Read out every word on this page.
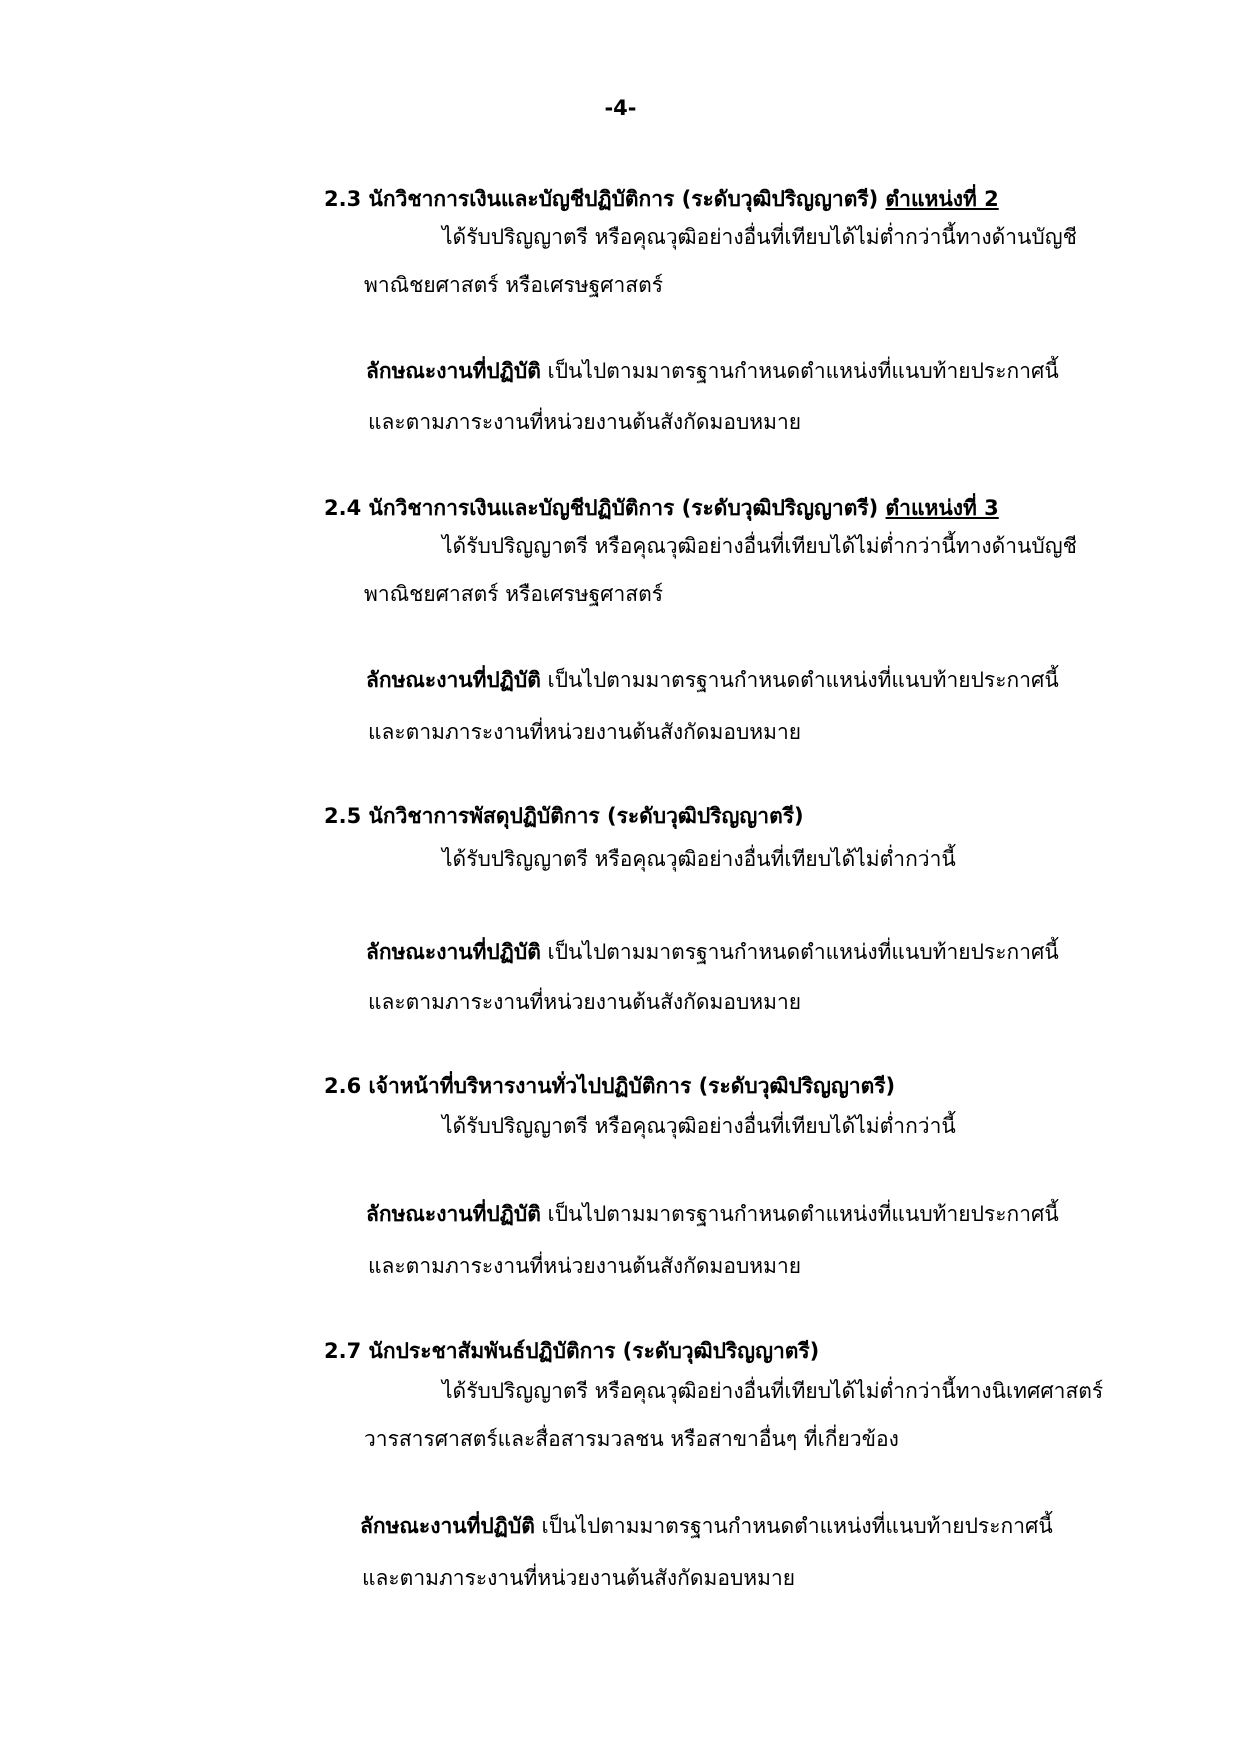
-4-
2.3 นักวิชาการเงินและบัญชีปฏิบัติการ (ระดับวุฒิปริญญาตรี) ตำแหน่งที่ 2
ได้รับปริญญาตรี หรือคุณวุฒิอย่างอื่นที่เทียบได้ไม่ต่ำกว่านี้ทางด้านบัญชี
พาณิชยศาสตร์ หรือเศรษฐศาสตร์
ลักษณะงานที่ปฏิบัติ เป็นไปตามมาตรฐานกำหนดตำแหน่งที่แนบท้ายประกาศนี้
และตามภาระงานที่หน่วยงานต้นสังกัดมอบหมาย
2.4 นักวิชาการเงินและบัญชีปฏิบัติการ (ระดับวุฒิปริญญาตรี) ตำแหน่งที่ 3
ได้รับปริญญาตรี หรือคุณวุฒิอย่างอื่นที่เทียบได้ไม่ต่ำกว่านี้ทางด้านบัญชี
พาณิชยศาสตร์ หรือเศรษฐศาสตร์
ลักษณะงานที่ปฏิบัติ เป็นไปตามมาตรฐานกำหนดตำแหน่งที่แนบท้ายประกาศนี้
และตามภาระงานที่หน่วยงานต้นสังกัดมอบหมาย
2.5 นักวิชาการพัสดุปฏิบัติการ (ระดับวุฒิปริญญาตรี)
ได้รับปริญญาตรี หรือคุณวุฒิอย่างอื่นที่เทียบได้ไม่ต่ำกว่านี้
ลักษณะงานที่ปฏิบัติ เป็นไปตามมาตรฐานกำหนดตำแหน่งที่แนบท้ายประกาศนี้
และตามภาระงานที่หน่วยงานต้นสังกัดมอบหมาย
2.6 เจ้าหน้าที่บริหารงานทั่วไปปฏิบัติการ (ระดับวุฒิปริญญาตรี)
ได้รับปริญญาตรี หรือคุณวุฒิอย่างอื่นที่เทียบได้ไม่ต่ำกว่านี้
ลักษณะงานที่ปฏิบัติ เป็นไปตามมาตรฐานกำหนดตำแหน่งที่แนบท้ายประกาศนี้
และตามภาระงานที่หน่วยงานต้นสังกัดมอบหมาย
2.7 นักประชาสัมพันธ์ปฏิบัติการ (ระดับวุฒิปริญญาตรี)
ได้รับปริญญาตรี หรือคุณวุฒิอย่างอื่นที่เทียบได้ไม่ต่ำกว่านี้ทางนิเทศศาสตร์
วารสารศาสตร์และสื่อสารมวลชน หรือสาขาอื่นๆ ที่เกี่ยวข้อง
ลักษณะงานที่ปฏิบัติ เป็นไปตามมาตรฐานกำหนดตำแหน่งที่แนบท้ายประกาศนี้
และตามภาระงานที่หน่วยงานต้นสังกัดมอบหมาย
